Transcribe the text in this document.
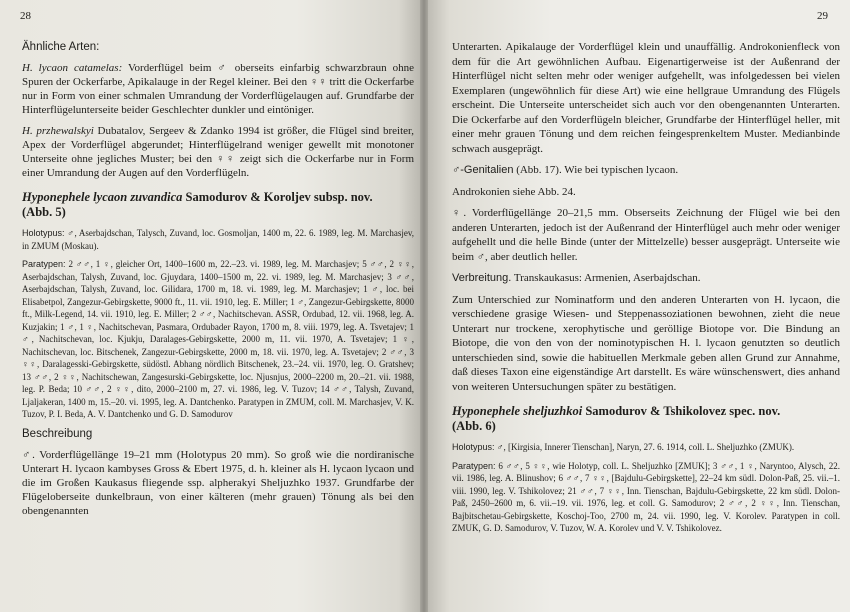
28

Ähnliche Arten:

H. lycaon catamelas: Vorderflügel beim ♂ oberseits einfarbig schwarzbraun ohne Spuren der Ockerfarbe, Apikalauge in der Regel kleiner. Bei den ♀♀ tritt die Ockerfarbe nur in Form von einer schmalen Umrandung der Vorderflügelaugen auf. Grundfarbe der Hinterflügelunterseite beider Geschlechter dunkler und eintöniger.

H. przhewalskyi Dubatalov, Sergeev & Zdanko 1994 ist größer, die Flügel sind breiter, Apex der Vorderflügel abgerundet; Hinterflügelrand weniger gewellt mit monotoner Unterseite ohne jegliches Muster; bei den ♀♀ zeigt sich die Ockerfarbe nur in Form einer Umrandung der Augen auf den Vorderflügeln.

Hyponephele lycaon zuvandica Samodurov & Koroljev subsp. nov.
(Abb. 5)

Holotypus: ♂, Aserbajdschan, Talysch, Zuvand, loc. Gosmoljan, 1400 m, 22. 6. 1989, leg. M. Marchasjev, in ZMUM (Moskau).

Paratypen: 2 ♂♂, 1 ♀, gleicher Ort, 1400–1600 m, 22.–23. vi. 1989, leg. M. Marchasjev; 5 ♂♂, 2 ♀♀, Aserbajdschan, Talysh, Zuvand, loc. Gjuydara, 1400–1500 m, 22. vi. 1989, leg. M. Marchasjev; 3 ♂♂, Aserbajdschan, Talysh, Zuvand, loc. Gilidara, 1700 m, 18. vi. 1989, leg. M. Marchasjev; 1 ♂, loc. bei Elisabetpol, Zangezur-Gebirgskette, 9000 ft., 11. vii. 1910, leg. E. Miller; 1 ♂, Zangezur-Gebirgskette, 8000 ft., Milk-Legend, 14. vii. 1910, leg. E. Miller; 2 ♂♂, Nachitschevan. ASSR, Ordubad, 12. vii. 1968, leg. A. Kuzjakin; 1 ♂, 1 ♀, Nachitschevan, Pasmara, Ordubader Rayon, 1700 m, 8. viii. 1979, leg. A. Tsvetajev; 1 ♂, Nachitschevan, loc. Kjukju, Daralages-Gebirgskette, 2000 m, 11. vii. 1970, A. Tsvetajev; 1 ♀, Nachitschevan, loc. Bitschenek, Zangezur-Gebirgskette, 2000 m, 18. vii. 1970, leg. A. Tsvetajev; 2 ♂♂, 3 ♀♀, Daralagesski-Gebirgskette, südöstl. Abhang nördlich Bitschenek, 23.–24. vii. 1970, leg. O. Gratshev; 13 ♂♂, 2 ♀♀, Nachitschewan, Zangesurski-Gebirgskette, loc. Njusnjus, 2000–2200 m, 20.–21. vii. 1988, leg. P. Beda; 10 ♂♂, 2 ♀♀, dito, 2000–2100 m, 27. vi. 1986, leg. V. Tuzov; 14 ♂♂, Talysh, Zuvand, Ljaljakeran, 1400 m, 15.–20. vi. 1995, leg. A. Dantchenko. Paratypen in ZMUM, coll. M. Marchasjev, V. K. Tuzov, P. I. Beda, A. V. Dantchenko und G. D. Samodurov

Beschreibung

♂. Vorderflügellänge 19–21 mm (Holotypus 20 mm). So groß wie die nordiranische Unterart H. lycaon kambyses Gross & Ebert 1975, d. h. kleiner als H. lycaon lycaon und die im Großen Kaukasus fliegende ssp. alpherakyi Sheljuzhko 1937. Grundfarbe der Flügeloberseite dunkelbraun, von einer kälteren (mehr grauen) Tönung als bei den obengenannten

29

Unterarten. Apikalauge der Vorderflügel klein und unauffällig. Androkonienfleck von dem für die Art gewöhnlichen Aufbau. Eigenartigerweise ist der Außenrand der Hinterflügel nicht selten mehr oder weniger aufgehellt, was infolgedessen bei vielen Exemplaren (ungewöhnlich für diese Art) wie eine hellgraue Umrandung des Flügels erscheint. Die Unterseite unterscheidet sich auch vor den obengenannten Unterarten. Die Ockerfarbe auf den Vorderflügeln bleicher, Grundfarbe der Hinterflügel heller, mit einer mehr grauen Tönung und dem reichen feingesprenkeltem Muster. Medianbinde schwach ausgeprägt.

♂-Genitalien (Abb. 17). Wie bei typischen lycaon.

Androkonien siehe Abb. 24.

♀. Vorderflügellänge 20–21,5 mm. Obserseits Zeichnung der Flügel wie bei den anderen Unterarten, jedoch ist der Außenrand der Hinterflügel auch mehr oder weniger aufgehellt und die helle Binde (unter der Mittelzelle) besser ausgeprägt. Unterseite wie beim ♂, aber deutlich heller.

Verbreitung. Transkaukasus: Armenien, Aserbajdschan.

Zum Unterschied zur Nominatform und den anderen Unterarten von H. lycaon, die verschiedene grasige Wiesen- und Steppenassoziationen bewohnen, zieht die neue Unterart nur trockene, xerophytische und geröllige Biotope vor. Die Bindung an Biotope, die von den von der nominotypischen H. l. lycaon genutzten so deutlich unterschieden sind, sowie die habituellen Merkmale geben allen Grund zur Annahme, daß dieses Taxon eine eigenständige Art darstellt. Es wäre wünschenswert, dies anhand von weiteren Untersuchungen später zu bestätigen.

Hyponephele sheljuzhkoi Samodurov & Tshikolovez spec. nov.
(Abb. 6)

Holotypus: ♂, [Kirgisia, Innerer Tienschan], Naryn, 27. 6. 1914, coll. L. Sheljuzhko (ZMUK).

Paratypen: 6 ♂♂, 5 ♀♀, wie Holotyp, coll. L. Sheljuzhko [ZMUK]; 3 ♂♂, 1 ♀, Naryntoo, Alysch, 22. vii. 1986, leg. A. Blinushov; 6 ♂♂, 7 ♀♀, [Bajdulu-Gebirgskette], 22–24 km südl. Dolon-Paß, 25. vii.–1. viii. 1990, leg. V. Tshikolovez; 21 ♂♂, 7 ♀♀, Inn. Tienschan, Bajdulu-Gebirgskette, 22 km südl. Dolon-Paß, 2450–2600 m, 6. vii.–19. vii. 1976, leg. et coll. G. Samodurov; 2 ♂♂, 2 ♀♀, Inn. Tienschan, Bajbitschetau-Gebirgskette, Koschoj-Too, 2700 m, 24. vii. 1990, leg. V. Korolev. Paratypen in coll. ZMUK, G. D. Samodurov, V. Tuzov, W. A. Korolev und V. V. Tshikolovez.
